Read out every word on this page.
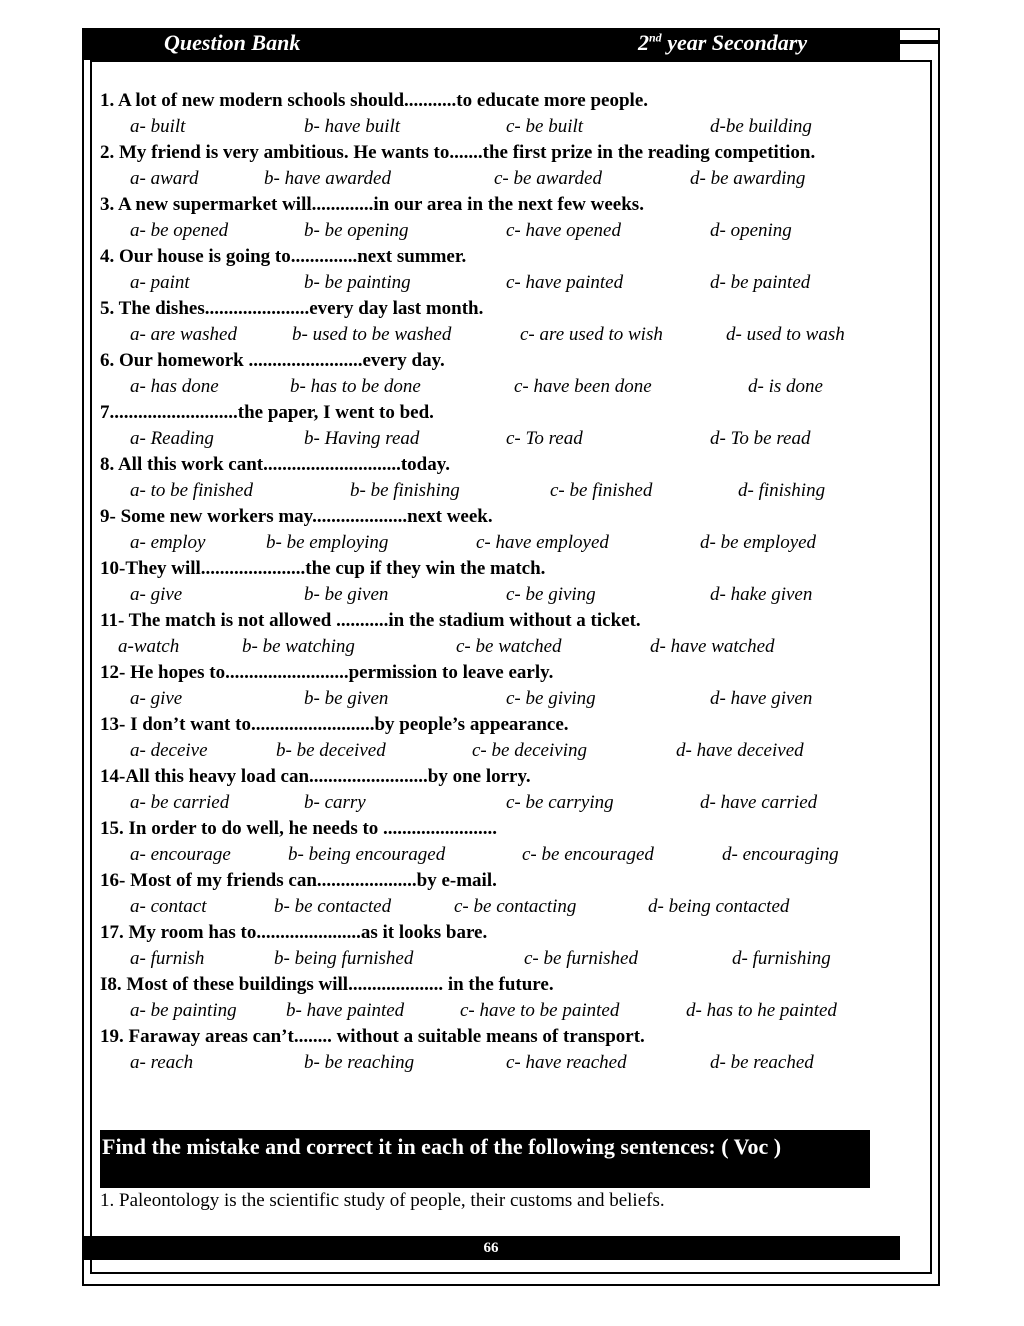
Question Bank	2nd year Secondary
1. A lot of new modern schools should...........to educate more people.
a- built	b- have built	c- be built	d-be building
2. My friend is very ambitious. He wants to.......the first prize in the reading competition.
a- award	b- have awarded	c- be awarded	d- be awarding
3. A new supermarket will.............in our area in the next few weeks.
a- be opened	b- be opening	c- have opened	d- opening
4. Our house is going to..............next summer.
a- paint	b- be painting	c- have painted	d- be painted
5. The dishes......................every day last month.
a- are washed	b- used to be washed	c- are used to wish	d- used to wash
6. Our homework ........................every day.
a- has done	b- has to be done	c- have been done	d- is done
7...........................the paper, I went to bed.
a- Reading	b- Having read	c- To read	d- To be read
8. All this work cant.............................today.
a- to be finished	b- be finishing	c- be finished	d- finishing
9- Some new workers may....................next week.
a- employ	b- be employing	c- have employed	d- be employed
10-They will......................the cup if they win the match.
a- give	b- be given	c- be giving	d- hake given
11- The match is not allowed ...........in the stadium without a ticket.
a-watch	b- be watching	c- be watched	d- have watched
12- He hopes to..........................permission to leave early.
a- give	b- be given	c- be giving	d- have given
13- I don’t want to..........................by people’s appearance.
a- deceive	b- be deceived	c- be deceiving	d- have deceived
14-All this heavy load can.........................by one lorry.
a- be carried	b- carry	c- be carrying	d- have carried
15. In order to do well, he needs to ........................
a- encourage	b- being encouraged	c- be encouraged	d- encouraging
16- Most of my friends can.....................by e-mail.
a- contact	b- be contacted	c- be contacting	d- being contacted
17. My room has to......................as it looks bare.
a- furnish	b- being furnished	c- be furnished	d- furnishing
I8. Most of these buildings will.................... in the future.
a- be painting	b- have painted	c- have to be painted	d- has to he painted
19. Faraway areas can’t........ without a suitable means of transport.
a- reach	b- be reaching	c- have reached	d- be reached
Find the mistake and correct it in each of the following sentences: ( Voc )
1. Paleontology is the scientific study of people, their customs and beliefs.
66
